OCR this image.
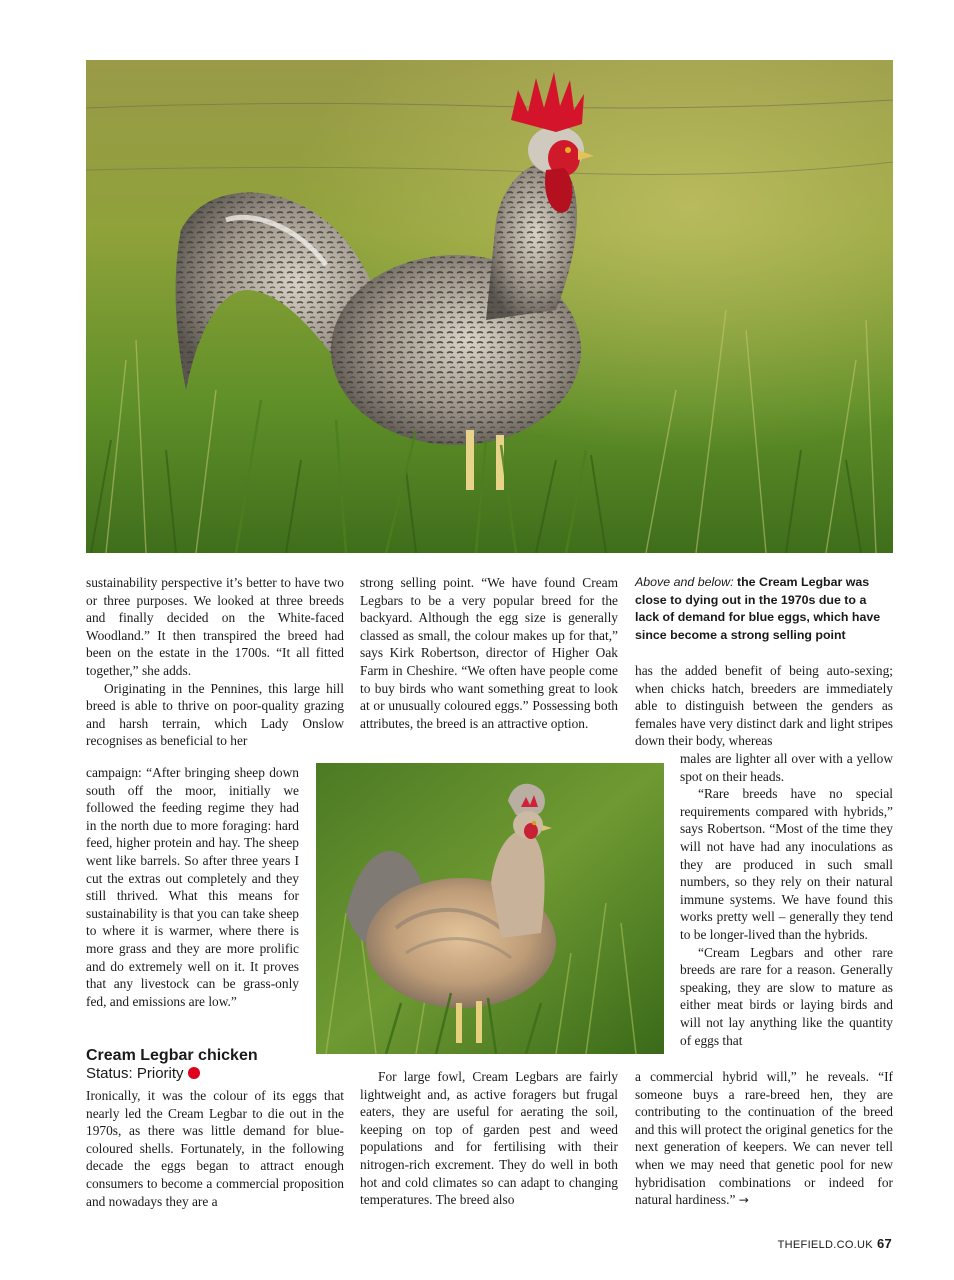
sustainability perspective it’s better to have two or three purposes. We looked at three breeds and finally decided on the White-faced Woodland.” It then transpired the breed had been on the estate in the 1700s. “It all fitted together,” she adds.

Originating in the Pennines, this large hill breed is able to thrive on poor-quality grazing and harsh terrain, which Lady Onslow recognises as beneficial to her

campaign: “After bringing sheep down south off the moor, initially we followed the feeding regime they had in the north due to more foraging: hard feed, higher protein and hay. The sheep went like barrels. So after three years I cut the extras out completely and they still thrived. What this means for sustainability is that you can take sheep to where it is warmer, where there is more grass and they are more prolific and do extremely well on it. It proves that any livestock can be grass-only fed, and emissions are low.”

Cream Legbar chicken
Status: Priority

Ironically, it was the colour of its eggs that nearly led the Cream Legbar to die out in the 1970s, as there was little demand for blue-coloured shells. Fortunately, in the following decade the eggs began to attract enough consumers to become a commercial proposition and nowadays they are a

strong selling point. “We have found Cream Legbars to be a very popular breed for the backyard. Although the egg size is generally classed as small, the colour makes up for that,” says Kirk Robertson, director of Higher Oak Farm in Cheshire. “We often have people come to buy birds who want something great to look at or unusually coloured eggs.” Possessing both attributes, the breed is an attractive option.

For large fowl, Cream Legbars are fairly lightweight and, as active foragers but frugal eaters, they are useful for aerating the soil, keeping on top of garden pest and weed populations and for fertilising with their nitrogen-rich excrement. They do well in both hot and cold climates so can adapt to changing temperatures. The breed also

Above and below: the Cream Legbar was close to dying out in the 1970s due to a lack of demand for blue eggs, which have since become a strong selling point

has the added benefit of being auto-sexing; when chicks hatch, breeders are immediately able to distinguish between the genders as females have very distinct dark and light stripes down their body, whereas

males are lighter all over with a yellow spot on their heads.

“Rare breeds have no special requirements compared with hybrids,” says Robertson. “Most of the time they will not have had any inoculations as they are produced in such small numbers, so they rely on their natural immune systems. We have found this works pretty well – generally they tend to be longer-lived than the hybrids.

“Cream Legbars and other rare breeds are rare for a reason. Generally speaking, they are slow to mature as either meat birds or laying birds and will not lay anything like the quantity of eggs that

a commercial hybrid will,” he reveals. “If someone buys a rare-breed hen, they are contributing to the continuation of the breed and this will protect the original genetics for the next generation of keepers. We can never tell when we may need that genetic pool for new hybridisation combinations or indeed for natural hardiness.” →

THEFIELD.CO.UK 67
